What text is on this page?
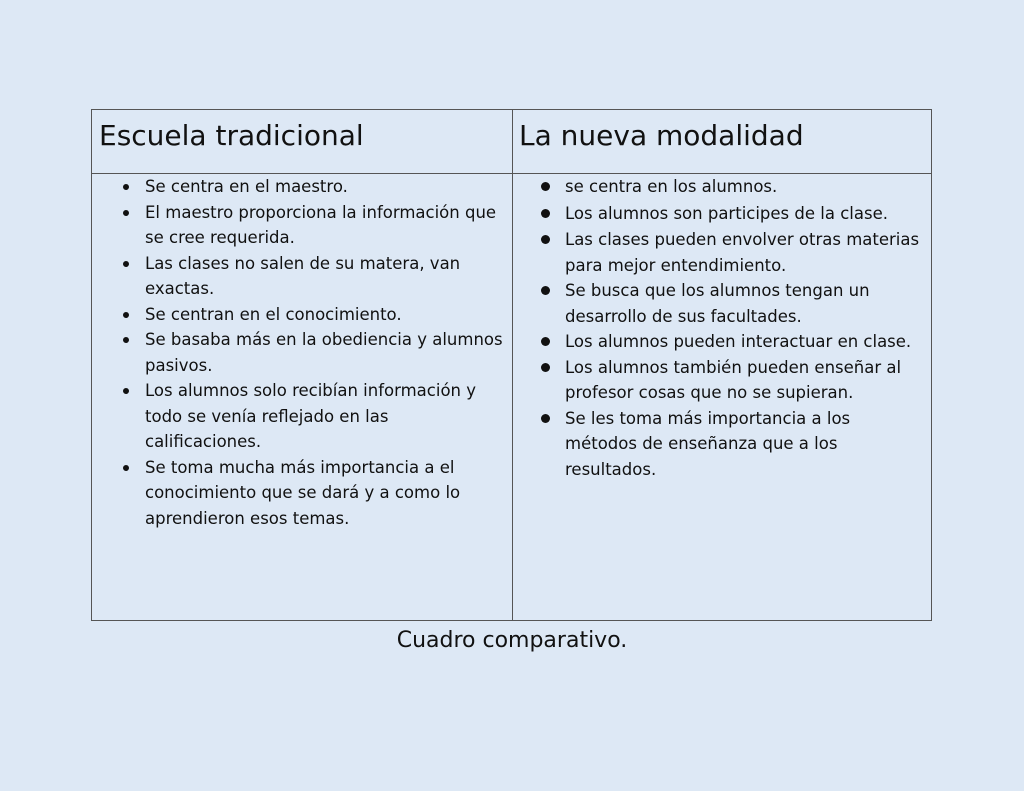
Escuela tradicional	La nueva modalidad
Se centra en el maestro.
El maestro proporciona la información que se cree requerida.
Las clases no salen de su matera, van exactas.
Se centran en el conocimiento.
Se basaba más en la obediencia y alumnos pasivos.
Los alumnos solo recibían información y todo se venía reflejado en las calificaciones.
Se toma mucha más importancia a el conocimiento que se dará y a como lo aprendieron esos temas.
se centra en los alumnos.
Los alumnos son participes de la clase.
Las clases pueden envolver otras materias para mejor entendimiento.
Se busca que los alumnos tengan un desarrollo de sus facultades.
Los alumnos pueden interactuar en clase.
Los alumnos también pueden enseñar al profesor cosas que no se supieran.
Se les toma más importancia a los métodos de enseñanza que a los resultados.
Cuadro comparativo.
